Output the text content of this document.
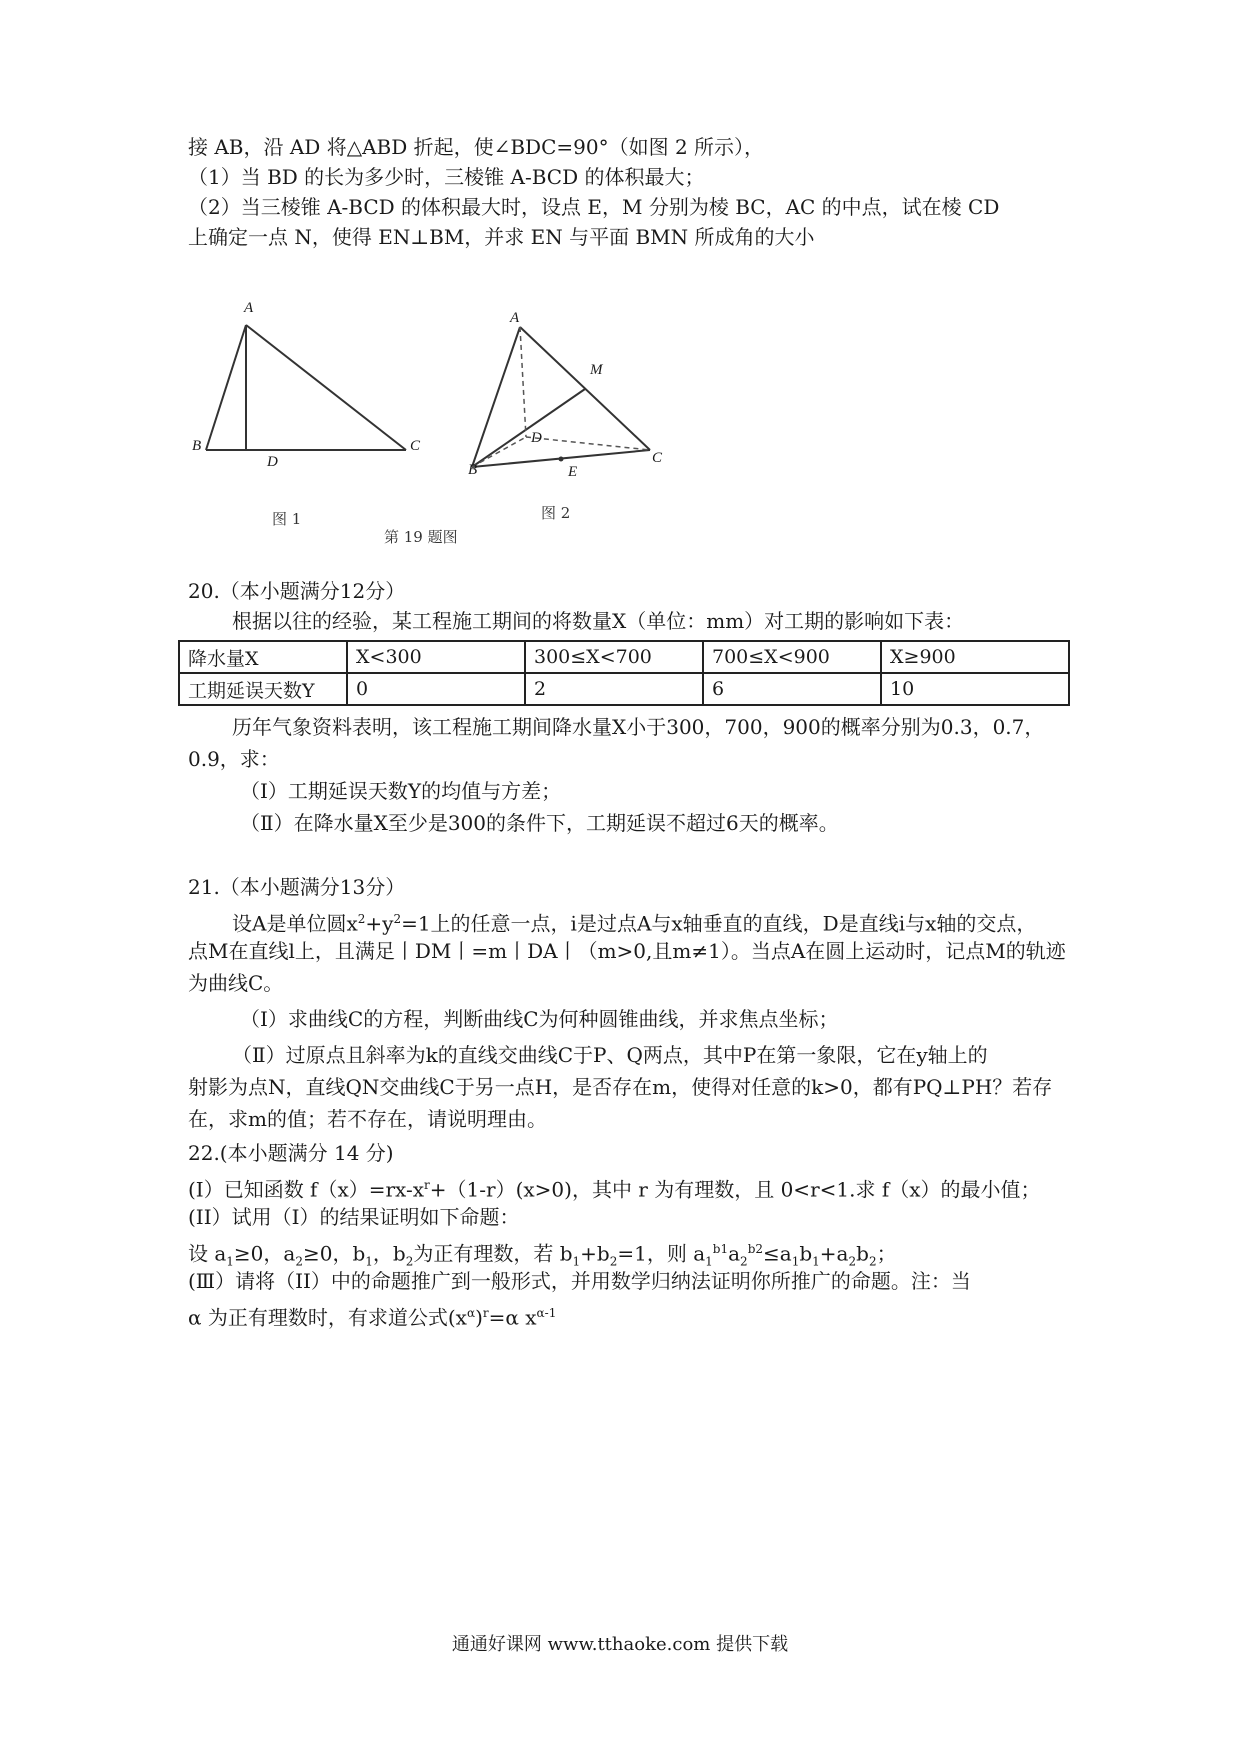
接 AB，沿 AD 将△ABD 折起，使∠BDC=90°（如图 2 所示），
（1）当 BD 的长为多少时，三棱锥 A-BCD 的体积最大；
（2）当三棱锥 A-BCD 的体积最大时，设点 E，M 分别为棱 BC，AC 的中点，试在棱 CD
上确定一点 N，使得 EN⊥BM，并求 EN 与平面 BMN 所成角的大小
A
B	C
D
图 1
A
M
D
B	E
C
图 2
第 19 题图
20.（本小题满分12分）
根据以往的经验，某工程施工期间的将数量X（单位：mm）对工期的影响如下表：
降水量X	X<300	300≤X<700	700≤X<900	X≥900
工期延误天数Y	0	2	6	10
历年气象资料表明，该工程施工期间降水量X小于300，700，900的概率分别为0.3，0.7，
0.9，求：
（I）工期延误天数Y的均值与方差；
（Ⅱ）在降水量X至少是300的条件下，工期延误不超过6天的概率。
21.（本小题满分13分）
设A是单位圆$x^2+y^2=1$上的任意一点，i是过点A与x轴垂直的直线，D是直线i与x轴的交点，
点M在直线l上，且满足丨DM丨=m丨DA丨（m>0,且m≠1）。当点A在圆上运动时，记点M的轨迹
为曲线C。
（I）求曲线C的方程，判断曲线C为何种圆锥曲线，并求焦点坐标；
（Ⅱ）过原点且斜率为k的直线交曲线C于P、Q两点，其中P在第一象限，它在y轴上的
射影为点N，直线QN交曲线C于另一点H，是否存在m，使得对任意的k>0，都有PQ⊥PH？若存
在，求m的值；若不存在，请说明理由。
22.(本小题满分 14 分)
(I）已知函数 $f(x)=rx-x^r+(1-r)(x>0)$，其中 r 为有理数，且 0<r<1.求 f（x）的最小值；
(II）试用（I）的结果证明如下命题：
设 $a_1\ge 0$，$a_2\ge 0$，$b_1$，$b_2$为正有理数，若 $b_1+b_2=1$，则 $a_1^{b1}a_2^{b2}\le a_1b_1+a_2b_2$；
(Ⅲ）请将（II）中的命题推广到一般形式，并用数学归纳法证明你所推广的命题。注：当
α 为正有理数时，有求道公式$(x^\alpha)^r=\alpha$ $x^{\alpha-1}$
通通好课网 www.tthaoke.com 提供下载
